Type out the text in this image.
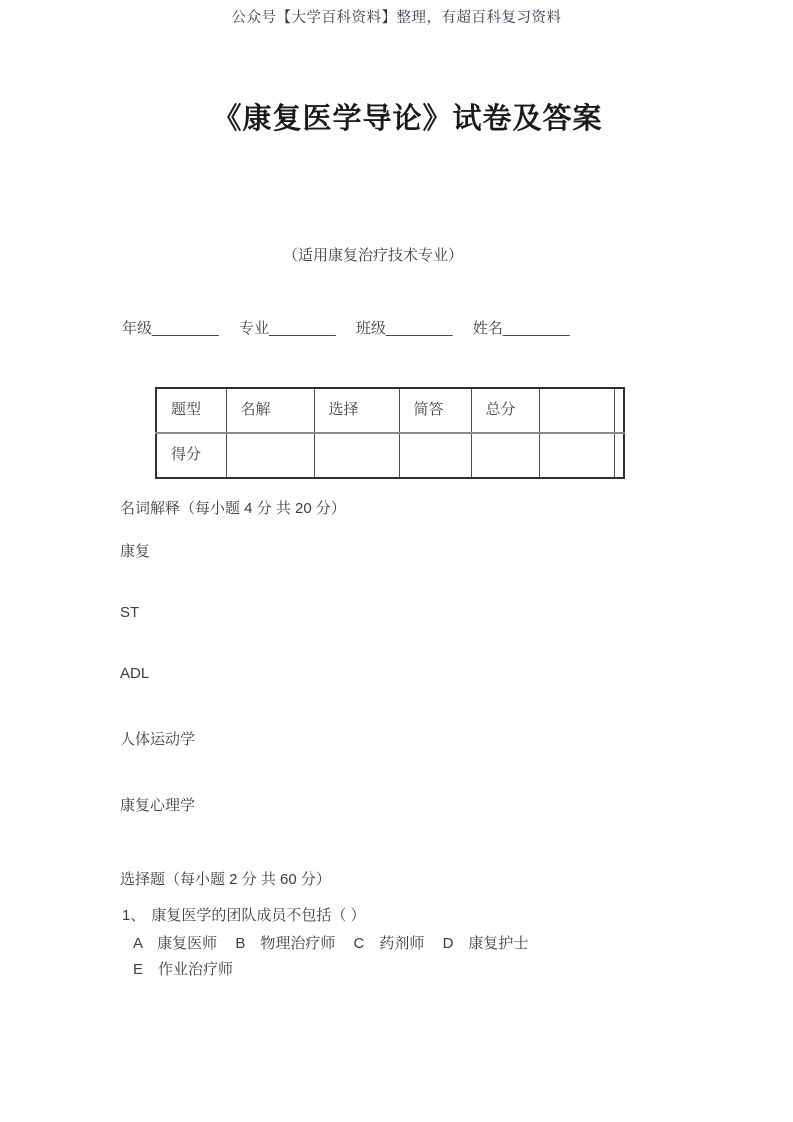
公众号【大学百科资料】整理，有超百科复习资料
《康复医学导论》试卷及答案
（适用康复治疗技术专业）
年级________ 专业________ 班级________ 姓名________
题型	名解	选择	简答	总分		
得分						
名词解释（每小题 4 分 共 20 分）
康复
ST
ADL
人体运动学
康复心理学
选择题（每小题 2 分 共 60 分）
1、 康复医学的团队成员不包括（ ）
A　康复医师 B　物理治疗师 C　药剂师 D　康复护士
E　作业治疗师
